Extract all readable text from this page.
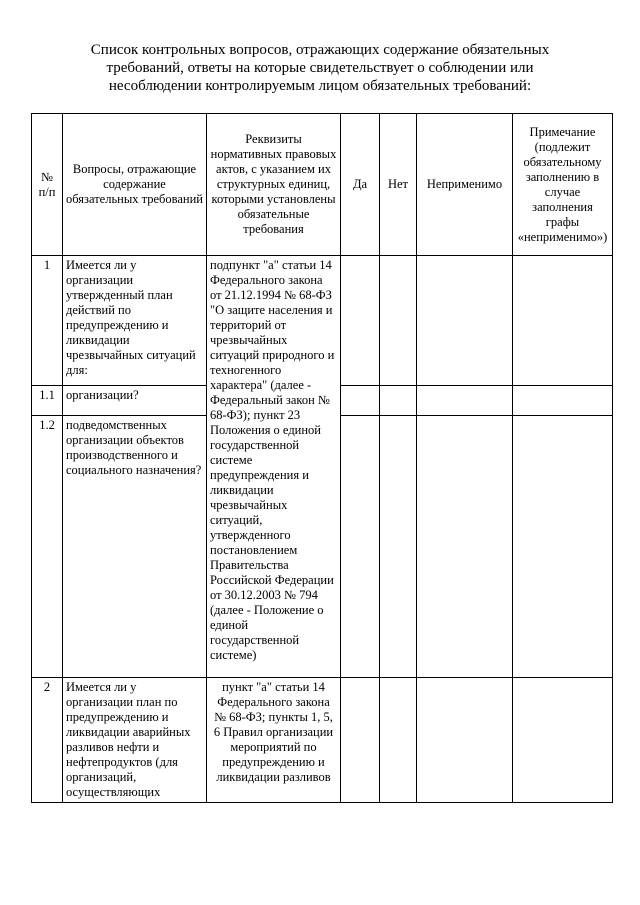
Список контрольных вопросов, отражающих содержание обязательных
требований, ответы на которые свидетельствует о соблюдении или
несоблюдении контролируемым лицом обязательных требований:
№ п/п	Вопросы, отражающие содержание обязательных требований	Реквизиты нормативных правовых актов, с указанием их структурных единиц, которыми установлены обязательные требования	Да	Нет	Неприменимо	Примечание (подлежит обязательному заполнению в случае заполнения графы «неприменимо»)
1	Имеется ли у организации утвержденный план действий по предупреждению и ликвидации чрезвычайных ситуаций для:	подпункт "а" статьи 14 Федерального закона от 21.12.1994 № 68-ФЗ "О защите населения и территорий от чрезвычайных ситуаций природного и техногенного характера" (далее - Федеральный закон № 68-ФЗ); пункт 23 Положения о единой государственной системе предупреждения и ликвидации чрезвычайных ситуаций, утвержденного постановлением Правительства Российской Федерации от 30.12.2003 № 794 (далее - Положение о единой государственной системе)				
1.1	организации?					
1.2	подведомственных организации объектов производственного и социального назначения?					
2	Имеется ли у организации план по предупреждению и ликвидации аварийных разливов нефти и нефтепродуктов (для организаций, осуществляющих	пункт "а" статьи 14 Федерального закона № 68-ФЗ; пункты 1, 5, 6 Правил организации мероприятий по предупреждению и ликвидации разливов				
